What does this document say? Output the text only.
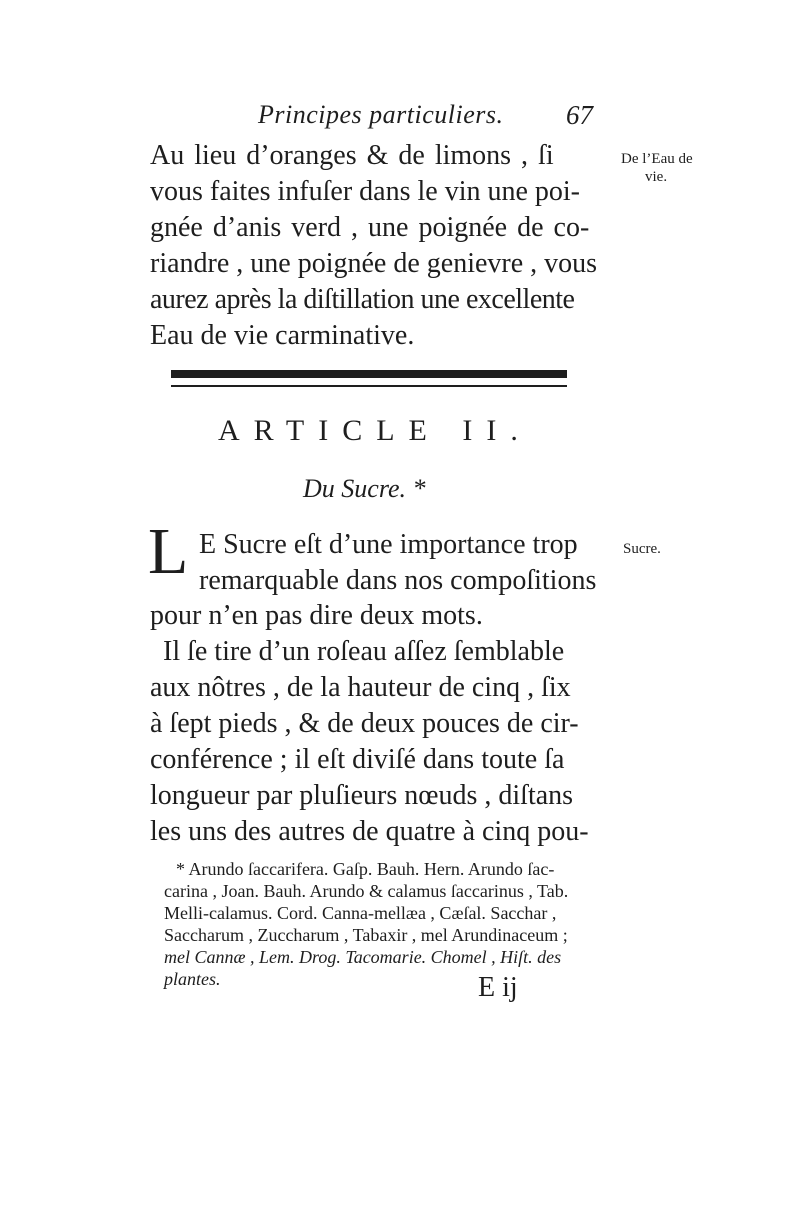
Principes particuliers. 67
Au lieu d’oranges & de limons , ſi
vous faites infuſer dans le vin une poi-
gnée d’anis verd , une poignée de co-
riandre , une poignée de genievre , vous
aurez après la diſtillation une excellente
Eau de vie carminative.
De l’Eau de
vie.
ARTICLE II.
Du Sucre. *
L E Sucre eſt d’une importance trop
remarquable dans nos compoſitions
pour n’en pas dire deux mots.
Il ſe tire d’un roſeau aſſez ſemblable
aux nôtres , de la hauteur de cinq , ſix
à ſept pieds , & de deux pouces de cir-
conférence ; il eſt diviſé dans toute ſa
longueur par pluſieurs nœuds , diſtans
les uns des autres de quatre à cinq pou-
Sucre.
* Arundo ſaccarifera. Gaſp. Bauh. Hern. Arundo ſac-
carina , Joan. Bauh. Arundo & calamus ſaccarinus , Tab.
Melli-calamus. Cord. Canna-mellæa , Cæſal. Sacchar ,
Saccharum , Zuccharum , Tabaxir , mel Arundinaceum ;
mel Cannæ , Lem. Drog. Tacomarie. Chomel , Hiſt. des
plantes.	E ij
